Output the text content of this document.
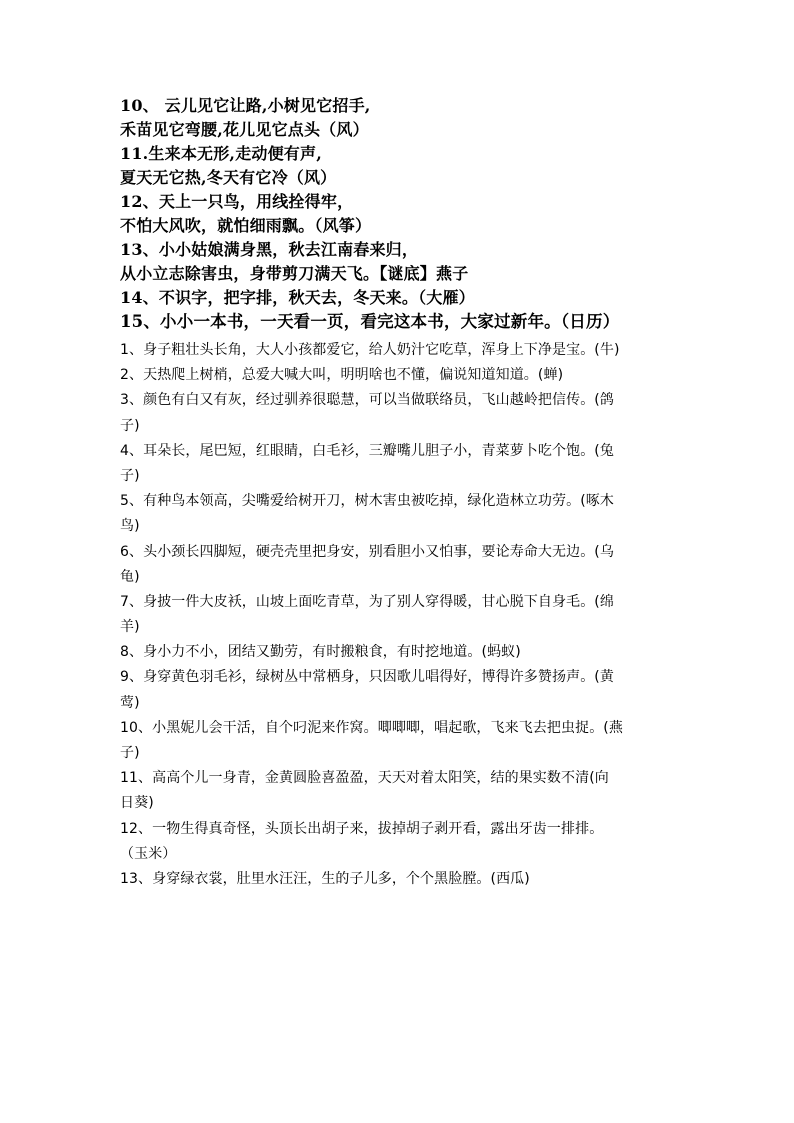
10、 云儿见它让路,小树见它招手,
禾苗见它弯腰,花儿见它点头（风）
11.生来本无形,走动便有声,
夏天无它热,冬天有它冷（风）
12、天上一只鸟，用线拴得牢，
不怕大风吹，就怕细雨飘。（风筝）
13、小小姑娘满身黑，秋去江南春来归，
从小立志除害虫，身带剪刀满天飞。【谜底】燕子
14、不识字，把字排，秋天去，冬天来。（大雁）
15、小小一本书，一天看一页，看完这本书，大家过新年。（日历）
1、身子粗壮头长角，大人小孩都爱它，给人奶汁它吃草，浑身上下净是宝。(牛)
2、天热爬上树梢，总爱大喊大叫，明明啥也不懂，偏说知道知道。(蝉)
3、颜色有白又有灰，经过驯养很聪慧，可以当做联络员，飞山越岭把信传。(鸽
子)
4、耳朵长，尾巴短，红眼睛，白毛衫，三瓣嘴儿胆子小，青菜萝卜吃个饱。(兔
子)
5、有种鸟本领高，尖嘴爱给树开刀，树木害虫被吃掉，绿化造林立功劳。(啄木
鸟)
6、头小颈长四脚短，硬壳壳里把身安，别看胆小又怕事，要论寿命大无边。(乌
龟)
7、身披一件大皮袄，山坡上面吃青草，为了别人穿得暖，甘心脱下自身毛。(绵
羊)
8、身小力不小，团结又勤劳，有时搬粮食，有时挖地道。(蚂蚁)
9、身穿黄色羽毛衫，绿树丛中常栖身，只因歌儿唱得好，博得许多赞扬声。(黄
莺)
10、小黑妮儿会干活，自个叼泥来作窝。唧唧唧，唱起歌，飞来飞去把虫捉。(燕
子)
11、高高个儿一身青，金黄圆脸喜盈盈，天天对着太阳笑，结的果实数不清(向
日葵)
12、一物生得真奇怪，头顶长出胡子来，拔掉胡子剥开看，露出牙齿一排排。
（玉米）
13、身穿绿衣裳，肚里水汪汪，生的子儿多，个个黑脸膛。(西瓜)
